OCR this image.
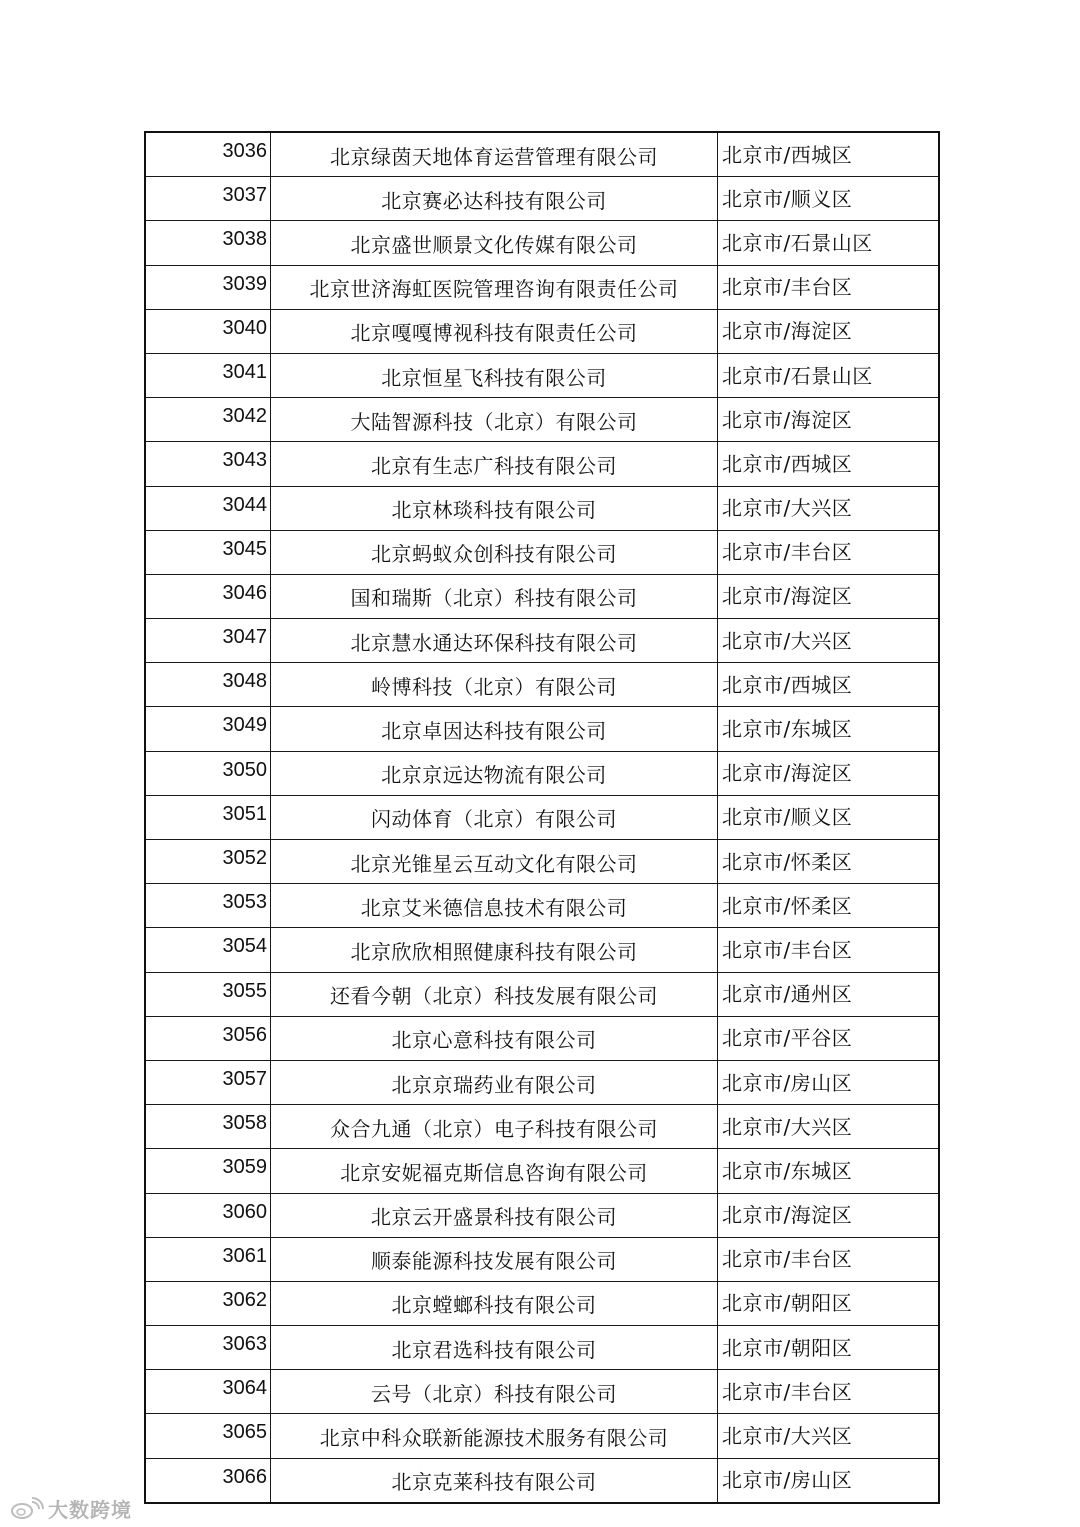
3036	北京绿茵天地体育运营管理有限公司	北京市/西城区
3037	北京赛必达科技有限公司	北京市/顺义区
3038	北京盛世顺景文化传媒有限公司	北京市/石景山区
3039	北京世济海虹医院管理咨询有限责任公司	北京市/丰台区
3040	北京嘎嘎博视科技有限责任公司	北京市/海淀区
3041	北京恒星飞科技有限公司	北京市/石景山区
3042	大陆智源科技（北京）有限公司	北京市/海淀区
3043	北京有生志广科技有限公司	北京市/西城区
3044	北京林琰科技有限公司	北京市/大兴区
3045	北京蚂蚁众创科技有限公司	北京市/丰台区
3046	国和瑞斯（北京）科技有限公司	北京市/海淀区
3047	北京慧水通达环保科技有限公司	北京市/大兴区
3048	岭博科技（北京）有限公司	北京市/西城区
3049	北京卓因达科技有限公司	北京市/东城区
3050	北京京远达物流有限公司	北京市/海淀区
3051	闪动体育（北京）有限公司	北京市/顺义区
3052	北京光锥星云互动文化有限公司	北京市/怀柔区
3053	北京艾米德信息技术有限公司	北京市/怀柔区
3054	北京欣欣相照健康科技有限公司	北京市/丰台区
3055	还看今朝（北京）科技发展有限公司	北京市/通州区
3056	北京心意科技有限公司	北京市/平谷区
3057	北京京瑞药业有限公司	北京市/房山区
3058	众合九通（北京）电子科技有限公司	北京市/大兴区
3059	北京安妮福克斯信息咨询有限公司	北京市/东城区
3060	北京云开盛景科技有限公司	北京市/海淀区
3061	顺泰能源科技发展有限公司	北京市/丰台区
3062	北京螳螂科技有限公司	北京市/朝阳区
3063	北京君选科技有限公司	北京市/朝阳区
3064	云号（北京）科技有限公司	北京市/丰台区
3065	北京中科众联新能源技术服务有限公司	北京市/大兴区
3066	北京克莱科技有限公司	北京市/房山区
大数跨境
